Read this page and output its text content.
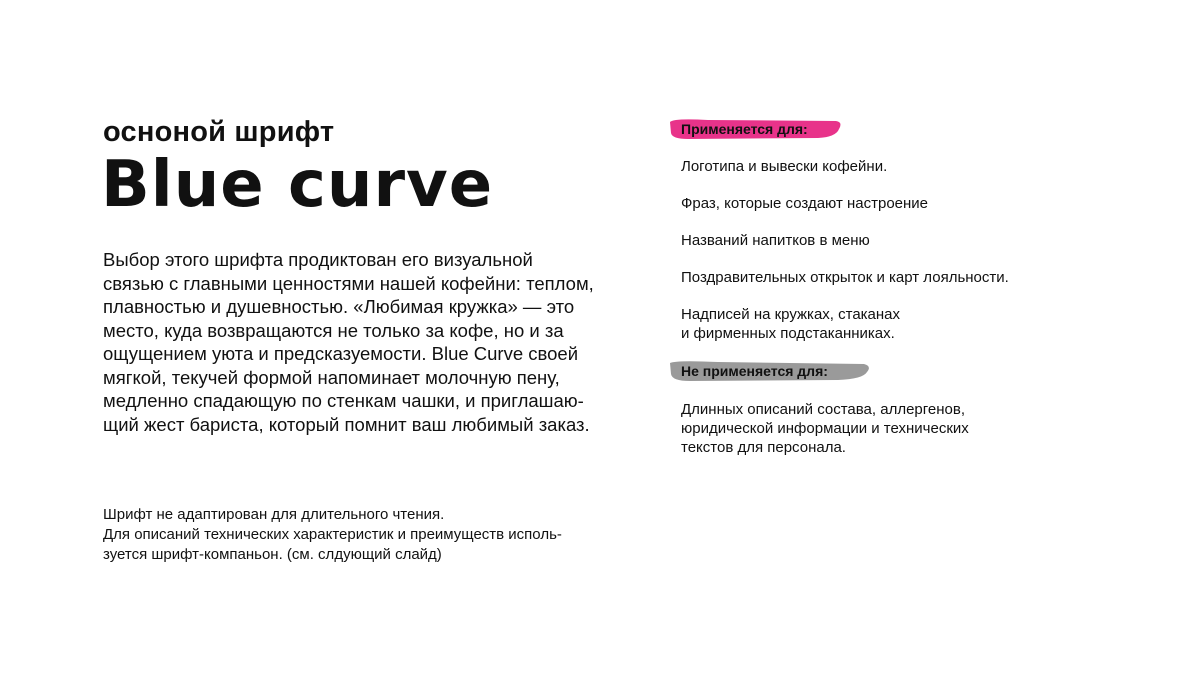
осноной шрифт
Blue curve
Выбор этого шрифта продиктован его визуальной
связью с главными ценностями нашей кофейни: теплом,
плавностью и душевностью. «Любимая кружка» — это
место, куда возвращаются не только за кофе, но и за
ощущением уюта и предсказуемости. Blue Curve своей
мягкой, текучей формой напоминает молочную пену,
медленно спадающую по стенкам чашки, и приглашаю-
щий жест бариста, который помнит ваш любимый заказ.
Шрифт не адаптирован для длительного чтения.
Для описаний технических характеристик и преимуществ исполь-
зуется шрифт-компаньон. (см. слдующий слайд)
Применяется для:

Логотипа и вывески кофейни.

Фраз, которые создают настроение

Названий напитков в меню

Поздравительных открыток и карт лояльности.

Надписей на кружках, стаканах
и фирменных подстаканниках.

Не применяется для:

Длинных описаний состава, аллергенов,
юридической информации и технических
текстов для персонала.
